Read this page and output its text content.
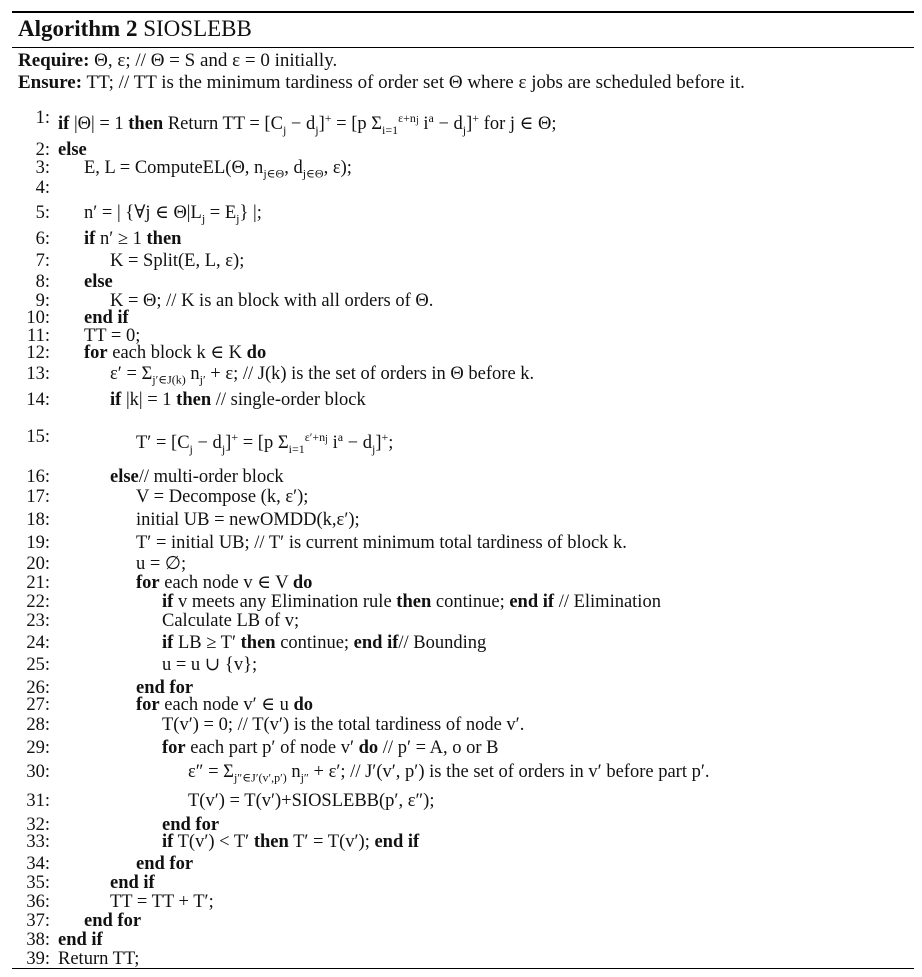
Algorithm 2 SIOSLEBB
Require: Θ, ε; // Θ = S and ε = 0 initially.
Ensure: TT; // TT is the minimum tardiness of order set Θ where ε jobs are scheduled before it.
1: if |Θ| = 1 then Return TT = $[C_j - d_j]^+ = [p$ $\Sigma_{i=1}^{\varepsilon+nj}$ $i^a - d_j]^+$ for j ∈ Θ;
2: else
3: E, L = ComputeEL(Θ, $n_{j\in\Theta}$, $d_{j\in\Theta}$, ε);
4:
5: n′ = | {∀j ∈ $\Theta|L_j = E_j$} |;
6: if n′ ≥ 1 then
7:	K = Split(E, L, ε);
8: else
9:	K = Θ; // K is an block with all orders of Θ.
10: end if
11: TT = 0;
12: for each block k ∈ K do
13:	$\varepsilon' = \Sigma_{j'\in J(k)}$ $n_{j'} + \varepsilon$; // J(k) is the set of orders in Θ before k.
14:	if |k| = 1 then // single-order block
15:	$T' = [C_j - d_j]^+ = [p$ $\Sigma_{i=1}^{\varepsilon'+nj}$ $i^a - d_j]^+$;
16:	else// multi-order block
17:	V = Decompose (k, ε′);
18:	initial UB = newOMDD(k,ε′);
19:	T′ = initial UB; // T′ is current minimum total tardiness of block k.
20:	u = ∅;
21:	for each node v ∈ V do
22:	if v meets any Elimination rule then continue; end if // Elimination
23:	Calculate LB of v;
24:	if LB ≥ T′ then continue; end if// Bounding
25:	u = u ∪ {v};
26:	end for
27:	for each node v′ ∈ u do
28:	T(v′) = 0; // T(v′) is the total tardiness of node v′.
29:	for each part p′ of node v′ do // p′ = A, o or B
30:	$\varepsilon'' = \Sigma_{j''\in J'(v',p')}$ $n_{j''} + \varepsilon'$; // J′(v′, p′) is the set of orders in v′ before part p′.
31:	T(v′) = T(v′)+SIOSLEBB(p′, ε″);
32:	end for
33:	if T(v′) < T′ then T′ = T(v′); end if
34:	end for
35:	end if
36:	TT = TT + T′;
37: end for
38: end if
39: Return TT;
